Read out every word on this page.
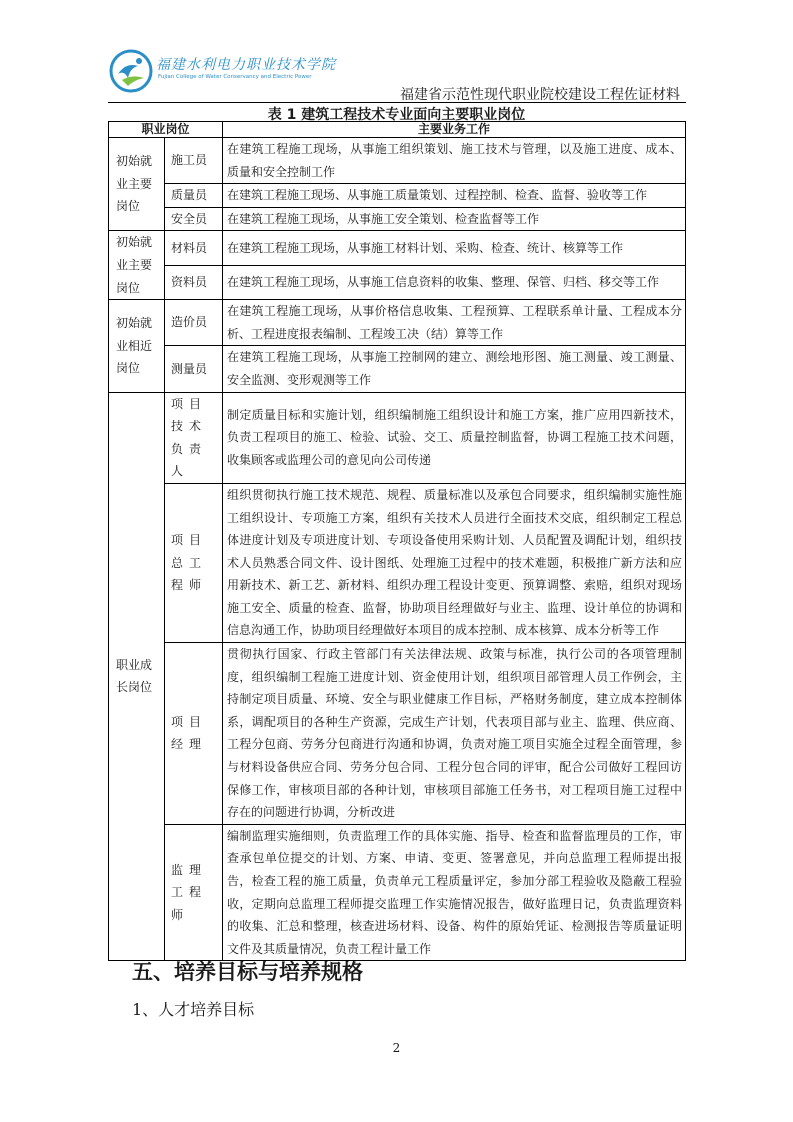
福建水利电力职业技术学院
Fujian College of Water Conservancy and Electric Power
福建省示范性现代职业院校建设工程佐证材料
表 1 建筑工程技术专业面向主要职业岗位
职业岗位		主要业务工作
初始就业主要岗位	施工员	在建筑工程施工现场，从事施工组织策划、施工技术与管理，以及施工进度、成本、质量和安全控制工作
	质量员	在建筑工程施工现场、从事施工质量策划、过程控制、检查、监督、验收等工作
	安全员	在建筑工程施工现场，从事施工安全策划、检查监督等工作
初始就业主要岗位	材料员	在建筑工程施工现场，从事施工材料计划、采购、检查、统计、核算等工作
	资料员	在建筑工程施工现场，从事施工信息资料的收集、整理、保管、归档、移交等工作
初始就业相近岗位	造价员	在建筑工程施工现场，从事价格信息收集、工程预算、工程联系单计量、工程成本分析、工程进度报表编制、工程竣工决（结）算等工作
	测量员	在建筑工程施工现场，从事施工控制网的建立、测绘地形图、施工测量、竣工测量、安全监测、变形观测等工作
职业成长岗位	项目技术负责人	制定质量目标和实施计划，组织编制施工组织设计和施工方案，推广应用四新技术，负责工程项目的施工、检验、试验、交工、质量控制监督，协调工程施工技术问题，收集顾客或监理公司的意见向公司传递
	项目总工程师	组织贯彻执行施工技术规范、规程、质量标准以及承包合同要求，组织编制实施性施工组织设计、专项施工方案，组织有关技术人员进行全面技术交底，组织制定工程总体进度计划及专项进度计划、专项设备使用采购计划、人员配置及调配计划，组织技术人员熟悉合同文件、设计图纸、处理施工过程中的技术难题，积极推广新方法和应用新技术、新工艺、新材料、组织办理工程设计变更、预算调整、索赔，组织对现场施工安全、质量的检查、监督，协助项目经理做好与业主、监理、设计单位的协调和信息沟通工作，协助项目经理做好本项目的成本控制、成本核算、成本分析等工作
	项目经理	贯彻执行国家、行政主管部门有关法律法规、政策与标准，执行公司的各项管理制度，组织编制工程施工进度计划、资金使用计划，组织项目部管理人员工作例会，主持制定项目质量、环境、安全与职业健康工作目标，严格财务制度，建立成本控制体系，调配项目的各种生产资源，完成生产计划，代表项目部与业主、监理、供应商、工程分包商、劳务分包商进行沟通和协调，负责对施工项目实施全过程全面管理，参与材料设备供应合同、劳务分包合同、工程分包合同的评审，配合公司做好工程回访保修工作，审核项目部的各种计划，审核项目部施工任务书，对工程项目施工过程中存在的问题进行协调，分析改进
	监理工程师	编制监理实施细则，负责监理工作的具体实施、指导、检查和监督监理员的工作，审查承包单位提交的计划、方案、申请、变更、签署意见，并向总监理工程师提出报告，检查工程的施工质量，负责单元工程质量评定，参加分部工程验收及隐蔽工程验收，定期向总监理工程师提交监理工作实施情况报告，做好监理日记，负责监理资料的收集、汇总和整理，核查进场材料、设备、构件的原始凭证、检测报告等质量证明文件及其质量情况，负责工程计量工作
五、培养目标与培养规格
1、人才培养目标
2
